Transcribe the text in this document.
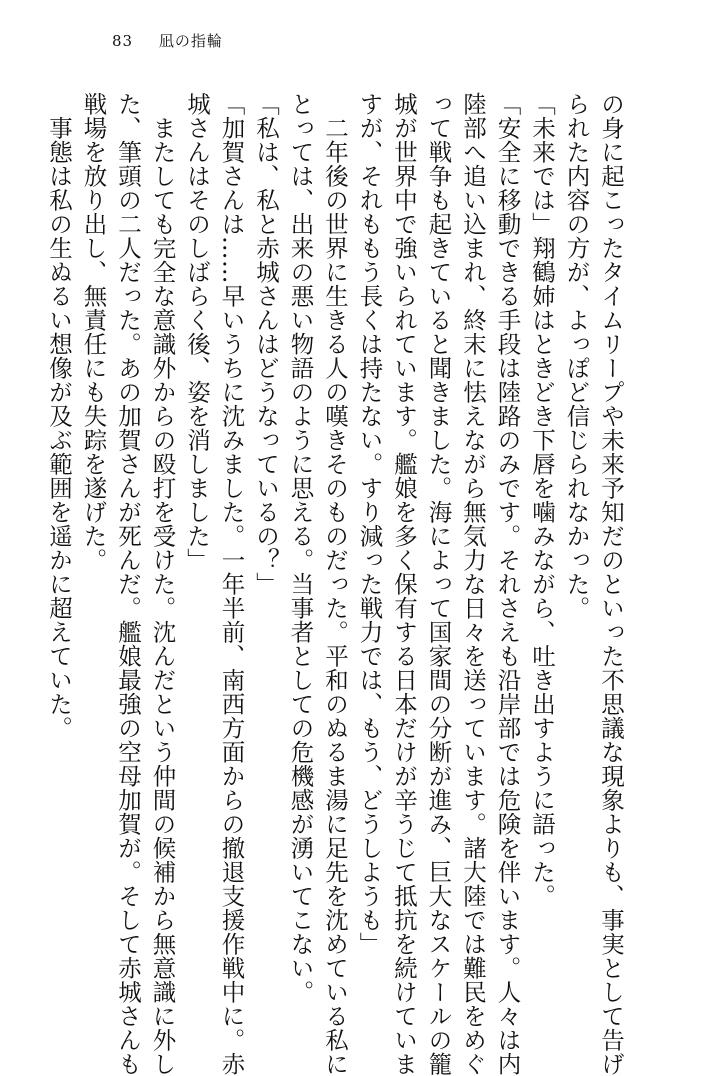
83 凪の指輪
の身に起こったタイムリープや未来予知だのといった不思議な現象よりも、事実として告げ
られた内容の方が、よっぽど信じられなかった。
「未来では」翔鶴姉はときどき下唇を噛みながら、吐き出すように語った。
「安全に移動できる手段は陸路のみです。それさえも沿岸部では危険を伴います。人々は内
陸部へ追い込まれ、終末に怯えながら無気力な日々を送っています。諸大陸では難民をめぐ
って戦争も起きていると聞きました。海によって国家間の分断が進み、巨大なスケールの籠
城が世界中で強いられています。艦娘を多く保有する日本だけが辛うじて抵抗を続けていま
すが、それももう長くは持たない。すり減った戦力では、もう、どうしようも」
二年後の世界に生きる人の嘆きそのものだった。平和のぬるま湯に足先を沈めている私に
とっては、出来の悪い物語のように思える。当事者としての危機感が湧いてこない。
「私は、私と赤城さんはどうなっているの？」
「加賀さんは……早いうちに沈みました。一年半前、南西方面からの撤退支援作戦中に。赤
城さんはそのしばらく後、姿を消しました」
またしても完全な意識外からの殴打を受けた。沈んだという仲間の候補から無意識に外し
た、筆頭の二人だった。あの加賀さんが死んだ。艦娘最強の空母加賀が。そして赤城さんも
戦場を放り出し、無責任にも失踪を遂げた。
事態は私の生ぬるい想像が及ぶ範囲を遥かに超えていた。
